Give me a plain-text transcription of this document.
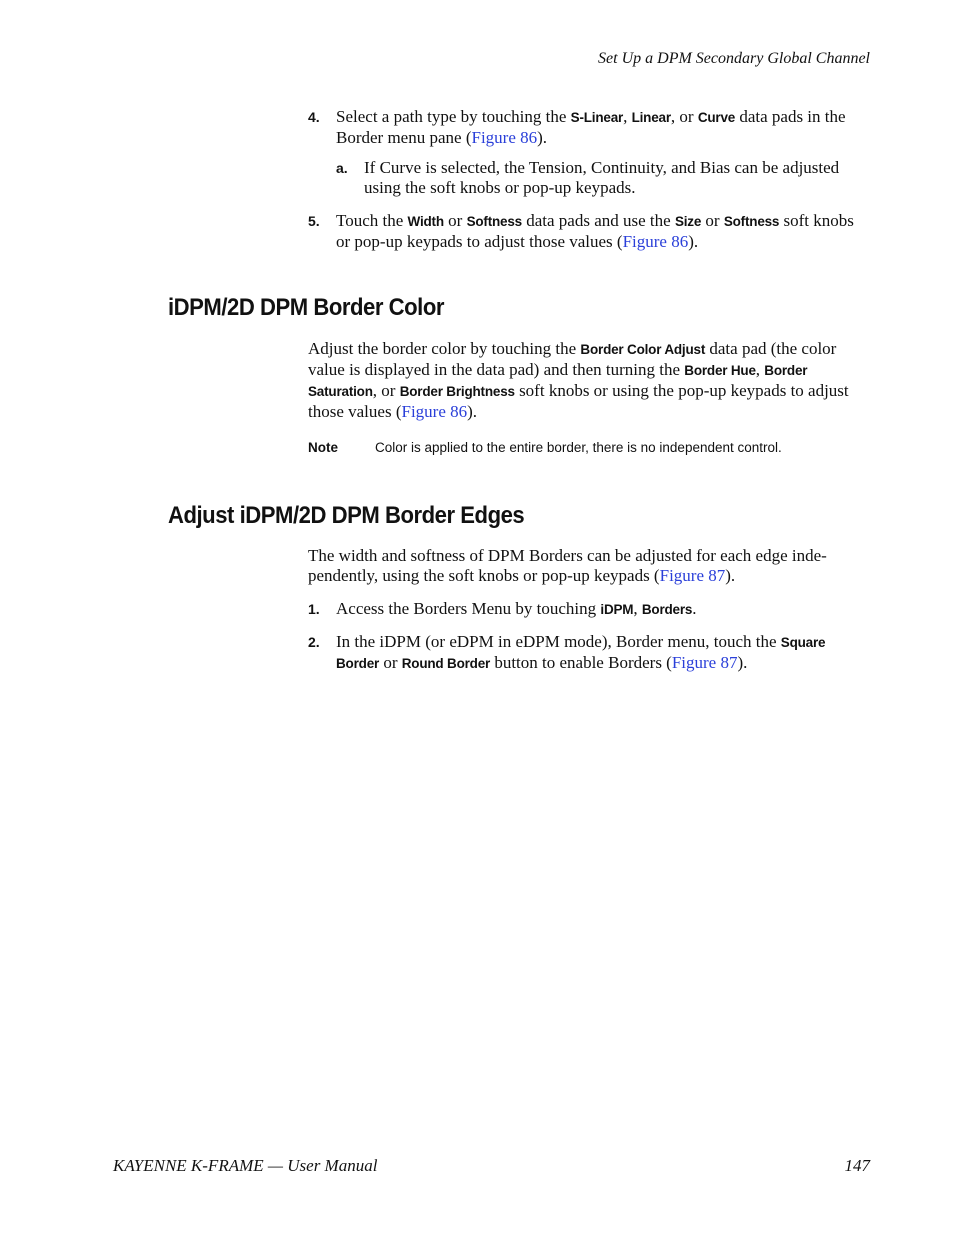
Set Up a DPM Secondary Global Channel
4. Select a path type by touching the S-Linear, Linear, or Curve data pads in the Border menu pane (Figure 86).
a. If Curve is selected, the Tension, Continuity, and Bias can be adjusted using the soft knobs or pop-up keypads.
5. Touch the Width or Softness data pads and use the Size or Softness soft knobs or pop-up keypads to adjust those values (Figure 86).
iDPM/2D DPM Border Color
Adjust the border color by touching the Border Color Adjust data pad (the color value is displayed in the data pad) and then turning the Border Hue, Border Saturation, or Border Brightness soft knobs or using the pop-up keypads to adjust those values (Figure 86).
Note	Color is applied to the entire border, there is no independent control.
Adjust iDPM/2D DPM Border Edges
The width and softness of DPM Borders can be adjusted for each edge inde-pendently, using the soft knobs or pop-up keypads (Figure 87).
1. Access the Borders Menu by touching iDPM, Borders.
2. In the iDPM (or eDPM in eDPM mode), Border menu, touch the Square Border or Round Border button to enable Borders (Figure 87).
KAYENNE K-FRAME — User Manual	147
